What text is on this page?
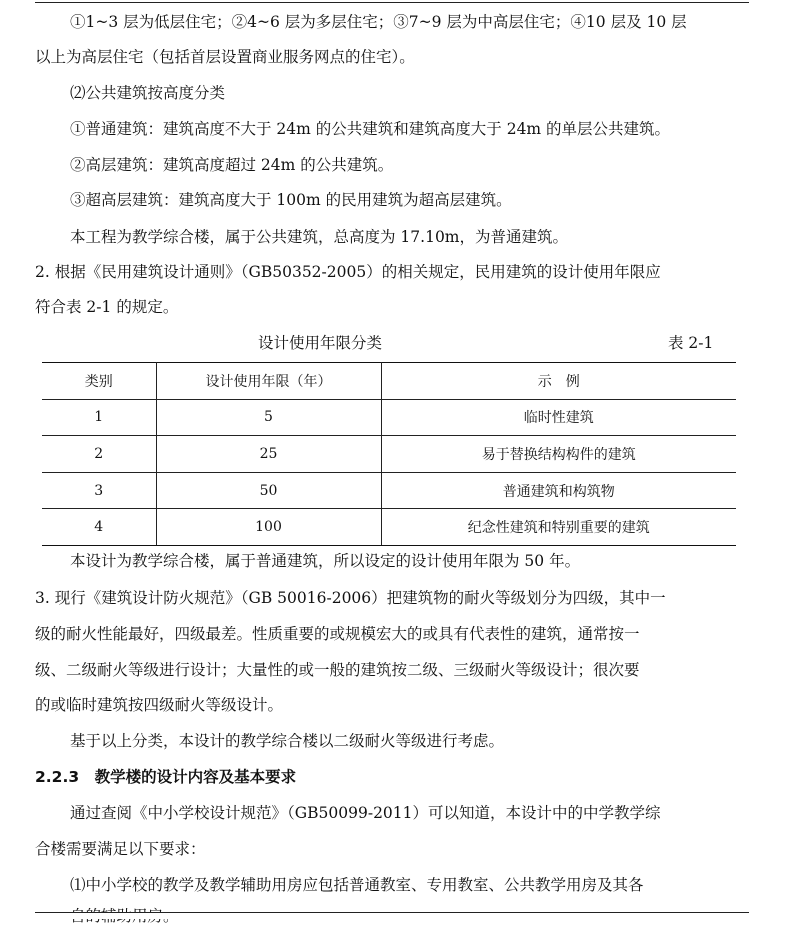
①1~3 层为低层住宅；②4~6 层为多层住宅；③7~9 层为中高层住宅；④10 层及 10 层
以上为高层住宅（包括首层设置商业服务网点的住宅）。
⑵公共建筑按高度分类
①普通建筑：建筑高度不大于 24m 的公共建筑和建筑高度大于 24m 的单层公共建筑。
②高层建筑：建筑高度超过 24m 的公共建筑。
③超高层建筑：建筑高度大于 100m 的民用建筑为超高层建筑。
本工程为教学综合楼，属于公共建筑，总高度为 17.10m，为普通建筑。
2. 根据《民用建筑设计通则》（GB50352-2005）的相关规定，民用建筑的设计使用年限应
符合表 2-1 的规定。
设计使用年限分类	表 2-1
类别	设计使用年限（年）	示　例
1	5	临时性建筑
2	25	易于替换结构构件的建筑
3	50	普通建筑和构筑物
4	100	纪念性建筑和特别重要的建筑
本设计为教学综合楼，属于普通建筑，所以设定的设计使用年限为 50 年。
3. 现行《建筑设计防火规范》（GB 50016-2006）把建筑物的耐火等级划分为四级，其中一
级的耐火性能最好，四级最差。性质重要的或规模宏大的或具有代表性的建筑，通常按一
级、二级耐火等级进行设计；大量性的或一般的建筑按二级、三级耐火等级设计；很次要
的或临时建筑按四级耐火等级设计。
基于以上分类，本设计的教学综合楼以二级耐火等级进行考虑。
2.2.3　教学楼的设计内容及基本要求
通过查阅《中小学校设计规范》（GB50099-2011）可以知道，本设计中的中学教学综
合楼需要满足以下要求：
⑴中小学校的教学及教学辅助用房应包括普通教室、专用教室、公共教学用房及其各
